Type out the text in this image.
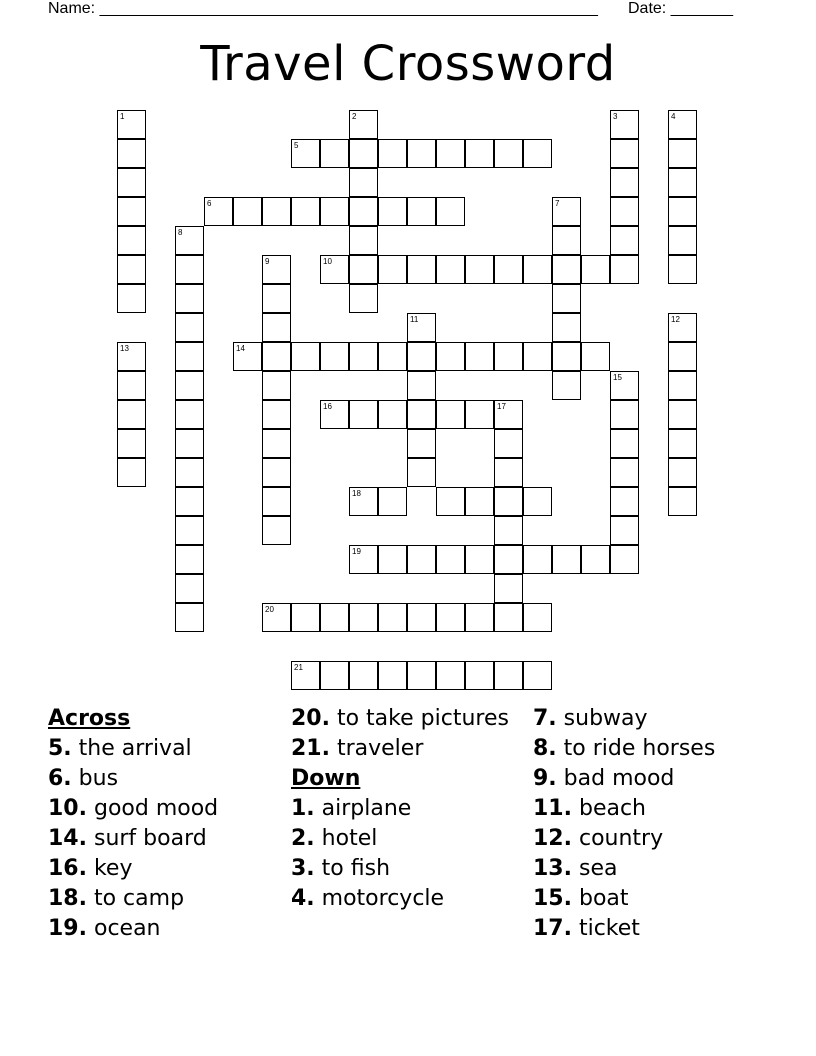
Name: ________________________________________________________ Date: _______
Travel Crossword
1	2	3	4
5
6	7
8
9	10
11	12
13	14
15
16	17
18
19
20
21
Across
5. the arrival
6. bus
10. good mood
14. surf board
16. key
18. to camp
19. ocean
20. to take pictures
21. traveler
Down
1. airplane
2. hotel
3. to fish
4. motorcycle
7. subway
8. to ride horses
9. bad mood
11. beach
12. country
13. sea
15. boat
17. ticket
